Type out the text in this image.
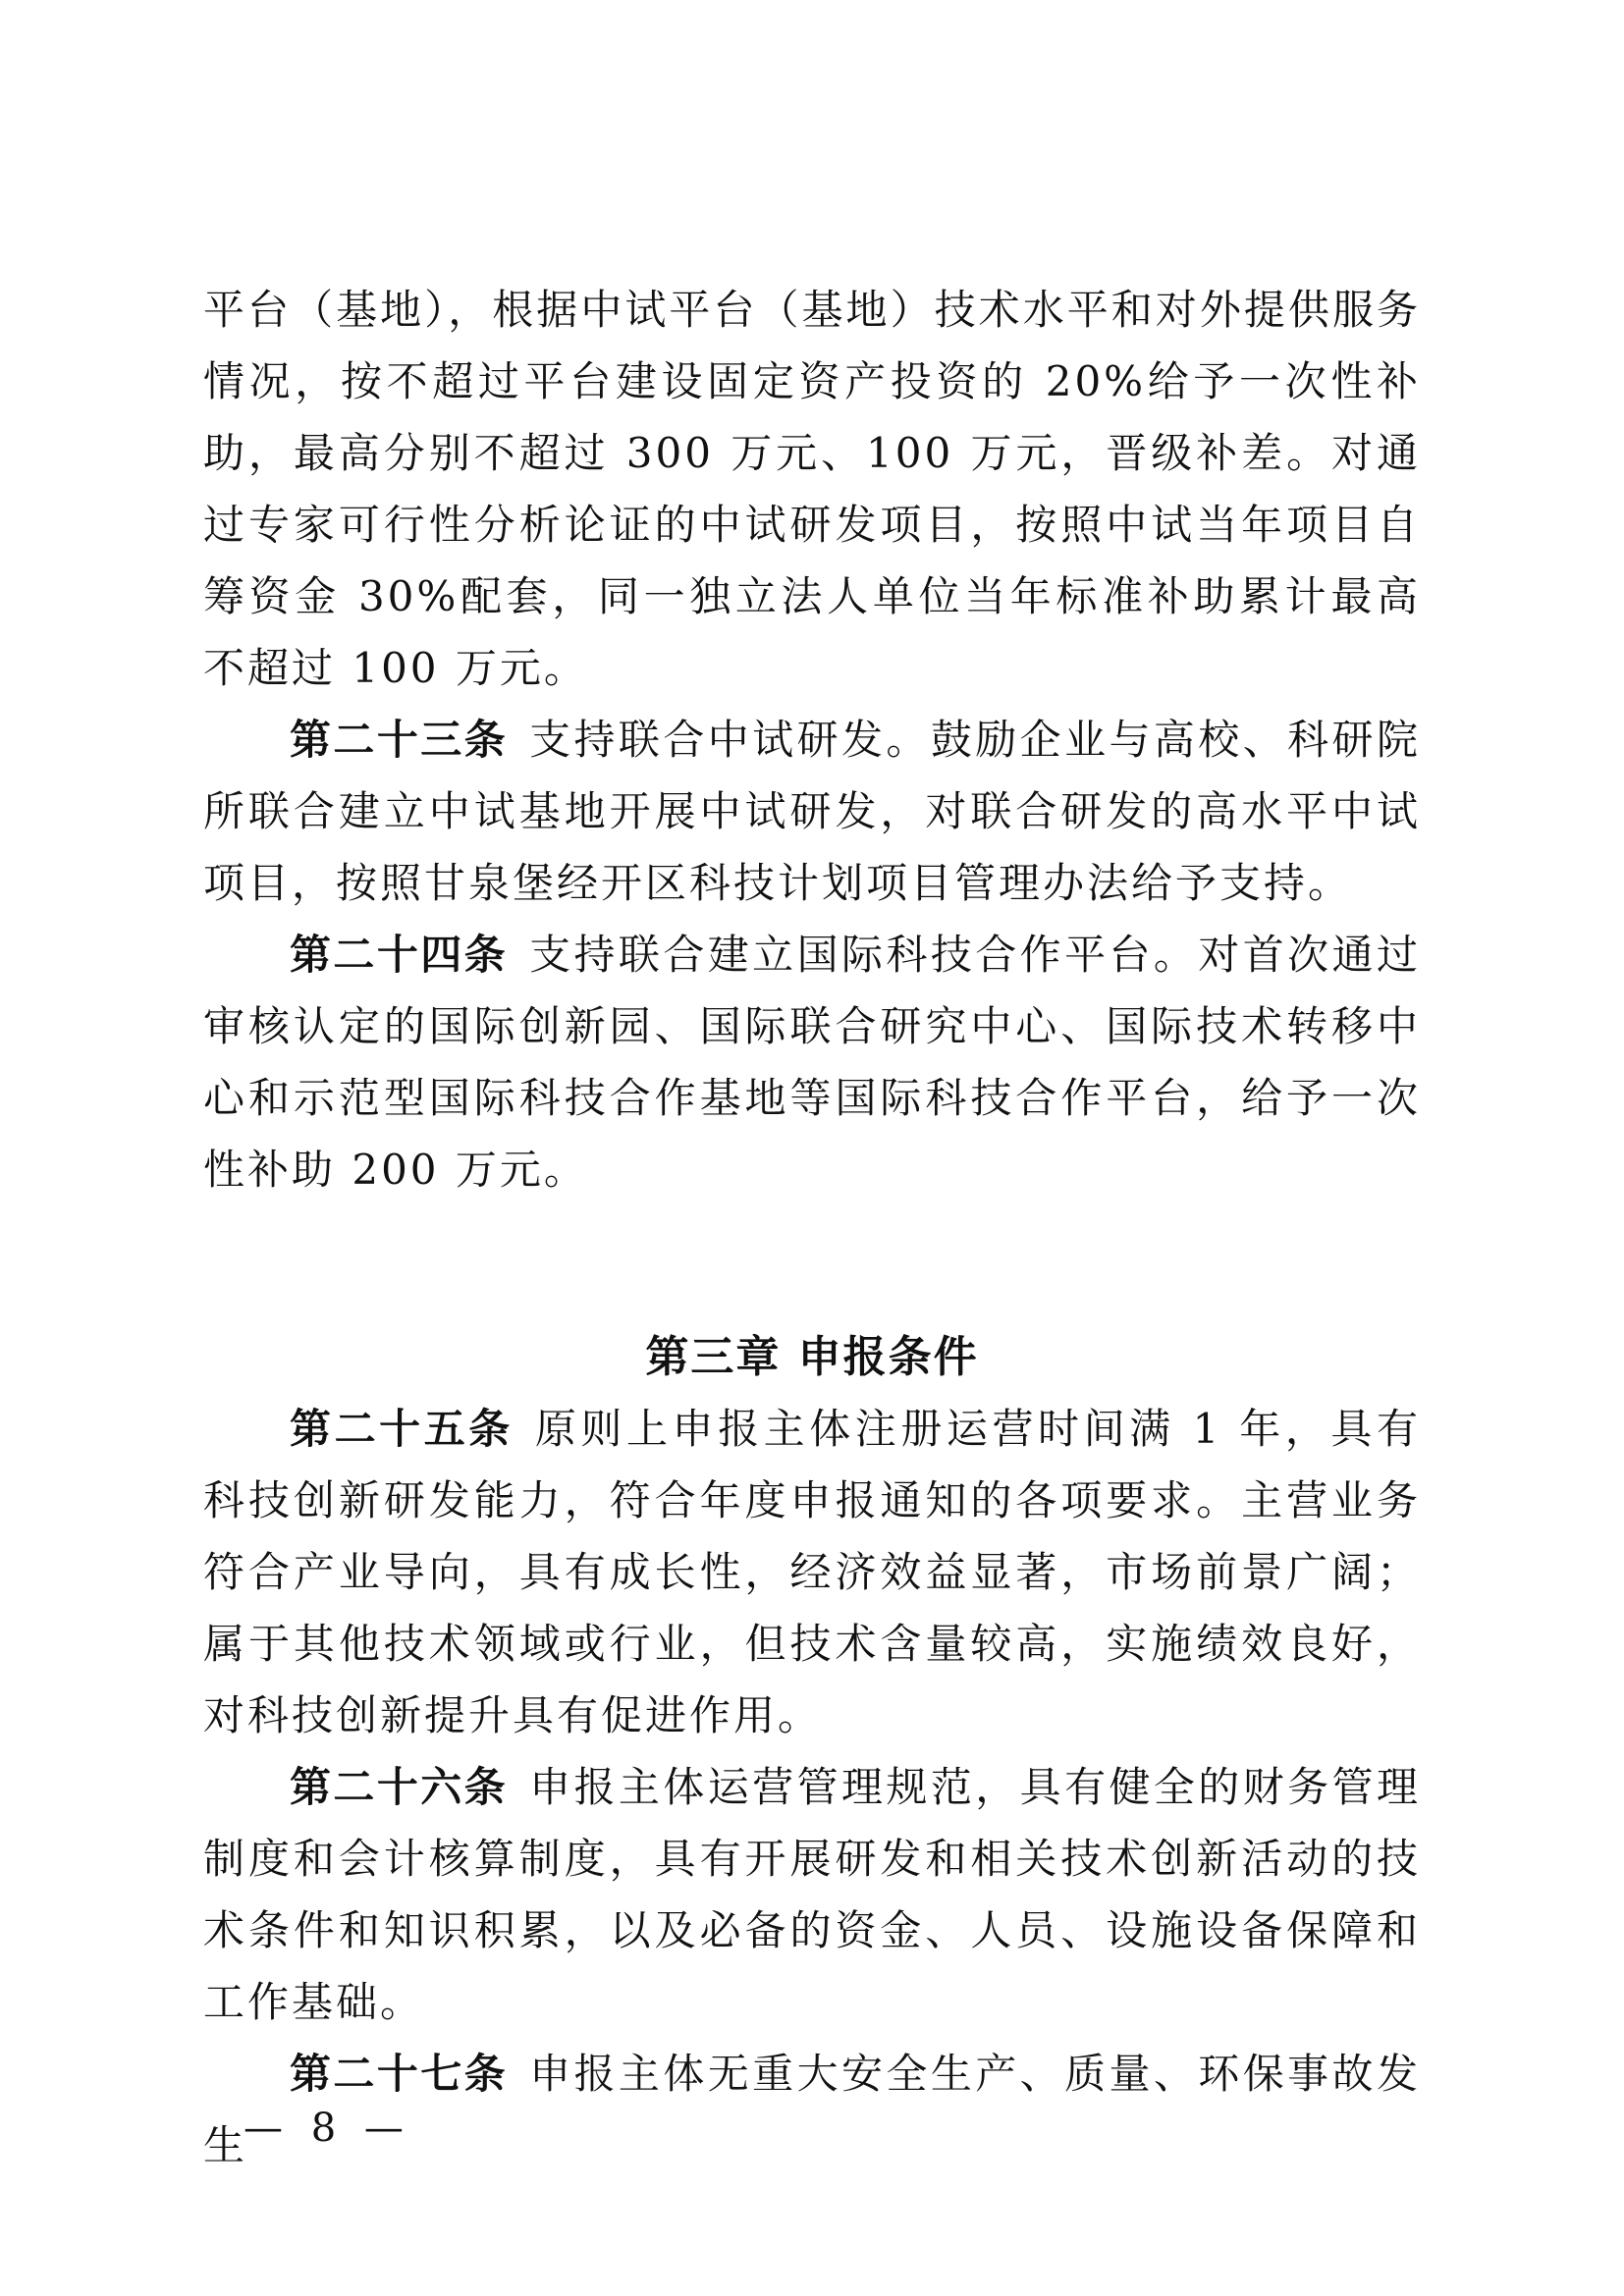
平台（基地），根据中试平台（基地）技术水平和对外提供服务情况，按不超过平台建设固定资产投资的 20%给予一次性补助，最高分别不超过 300 万元、100 万元，晋级补差。对通过专家可行性分析论证的中试研发项目，按照中试当年项目自筹资金 30%配套，同一独立法人单位当年标准补助累计最高不超过 100 万元。

第二十三条 支持联合中试研发。鼓励企业与高校、科研院所联合建立中试基地开展中试研发，对联合研发的高水平中试项目，按照甘泉堡经开区科技计划项目管理办法给予支持。

第二十四条 支持联合建立国际科技合作平台。对首次通过审核认定的国际创新园、国际联合研究中心、国际技术转移中心和示范型国际科技合作基地等国际科技合作平台，给予一次性补助 200 万元。

第三章 申报条件

第二十五条 原则上申报主体注册运营时间满 1 年，具有科技创新研发能力，符合年度申报通知的各项要求。主营业务符合产业导向，具有成长性，经济效益显著，市场前景广阔；属于其他技术领域或行业，但技术含量较高，实施绩效良好，对科技创新提升具有促进作用。

第二十六条 申报主体运营管理规范，具有健全的财务管理制度和会计核算制度，具有开展研发和相关技术创新活动的技术条件和知识积累，以及必备的资金、人员、设施设备保障和工作基础。

第二十七条 申报主体无重大安全生产、质量、环保事故发生

— 8 —
